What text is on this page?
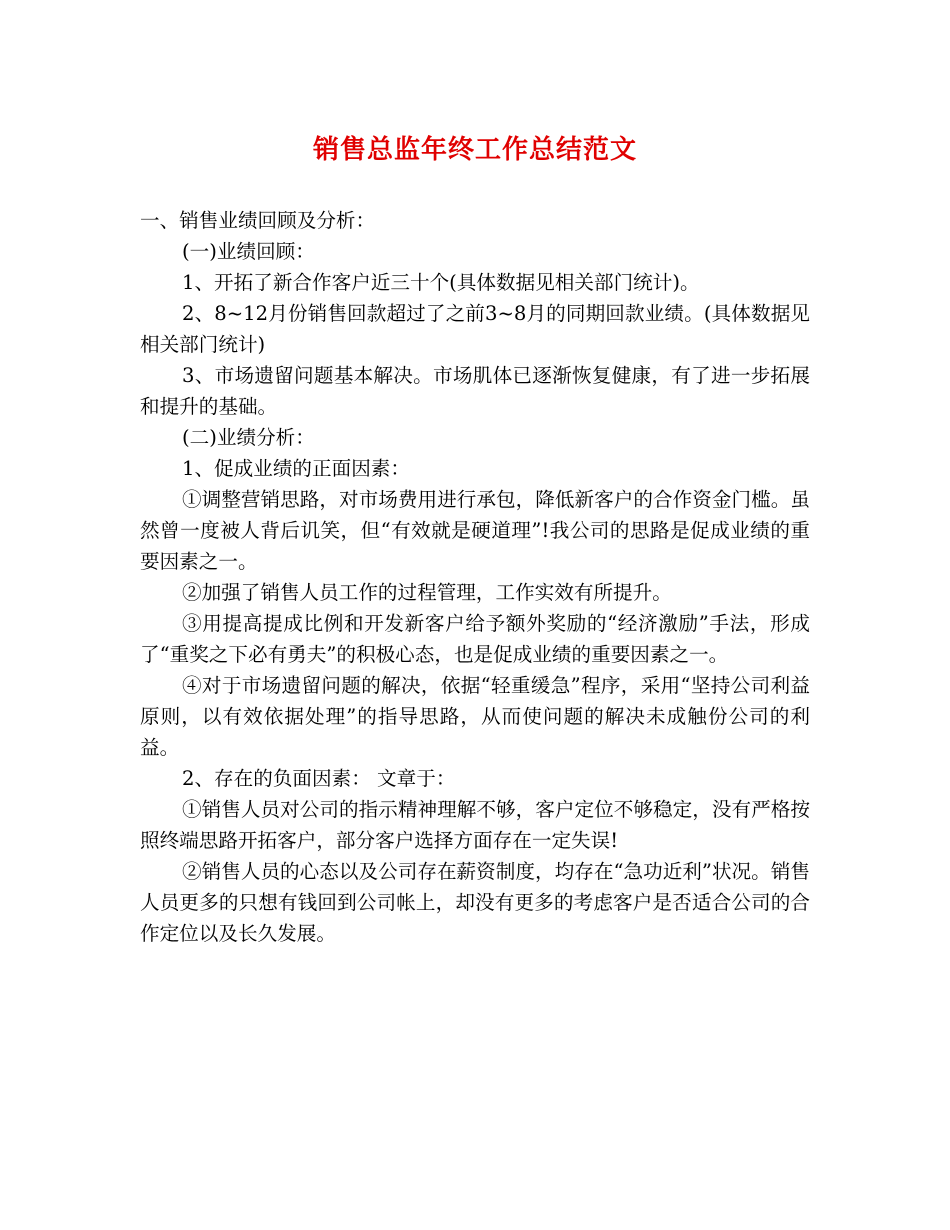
销售总监年终工作总结范文

一、销售业绩回顾及分析：

(一)业绩回顾：

1、开拓了新合作客户近三十个(具体数据见相关部门统计)。

2、8~12月份销售回款超过了之前3~8月的同期回款业绩。(具体数据见相关部门统计)

3、市场遗留问题基本解决。市场肌体已逐渐恢复健康，有了进一步拓展和提升的基础。

(二)业绩分析：

1、促成业绩的正面因素：

①调整营销思路，对市场费用进行承包，降低新客户的合作资金门槛。虽然曾一度被人背后讥笑，但“有效就是硬道理”!我公司的思路是促成业绩的重要因素之一。

②加强了销售人员工作的过程管理，工作实效有所提升。

③用提高提成比例和开发新客户给予额外奖励的“经济激励”手法，形成了“重奖之下必有勇夫”的积极心态，也是促成业绩的重要因素之一。

④对于市场遗留问题的解决，依据“轻重缓急”程序，采用“坚持公司利益原则，以有效依据处理”的指导思路，从而使问题的解决未成触份公司的利益。

2、存在的负面因素： 文章于：

①销售人员对公司的指示精神理解不够，客户定位不够稳定，没有严格按照终端思路开拓客户，部分客户选择方面存在一定失误!

②销售人员的心态以及公司存在薪资制度，均存在“急功近利”状况。销售人员更多的只想有钱回到公司帐上，却没有更多的考虑客户是否适合公司的合作定位以及长久发展。
